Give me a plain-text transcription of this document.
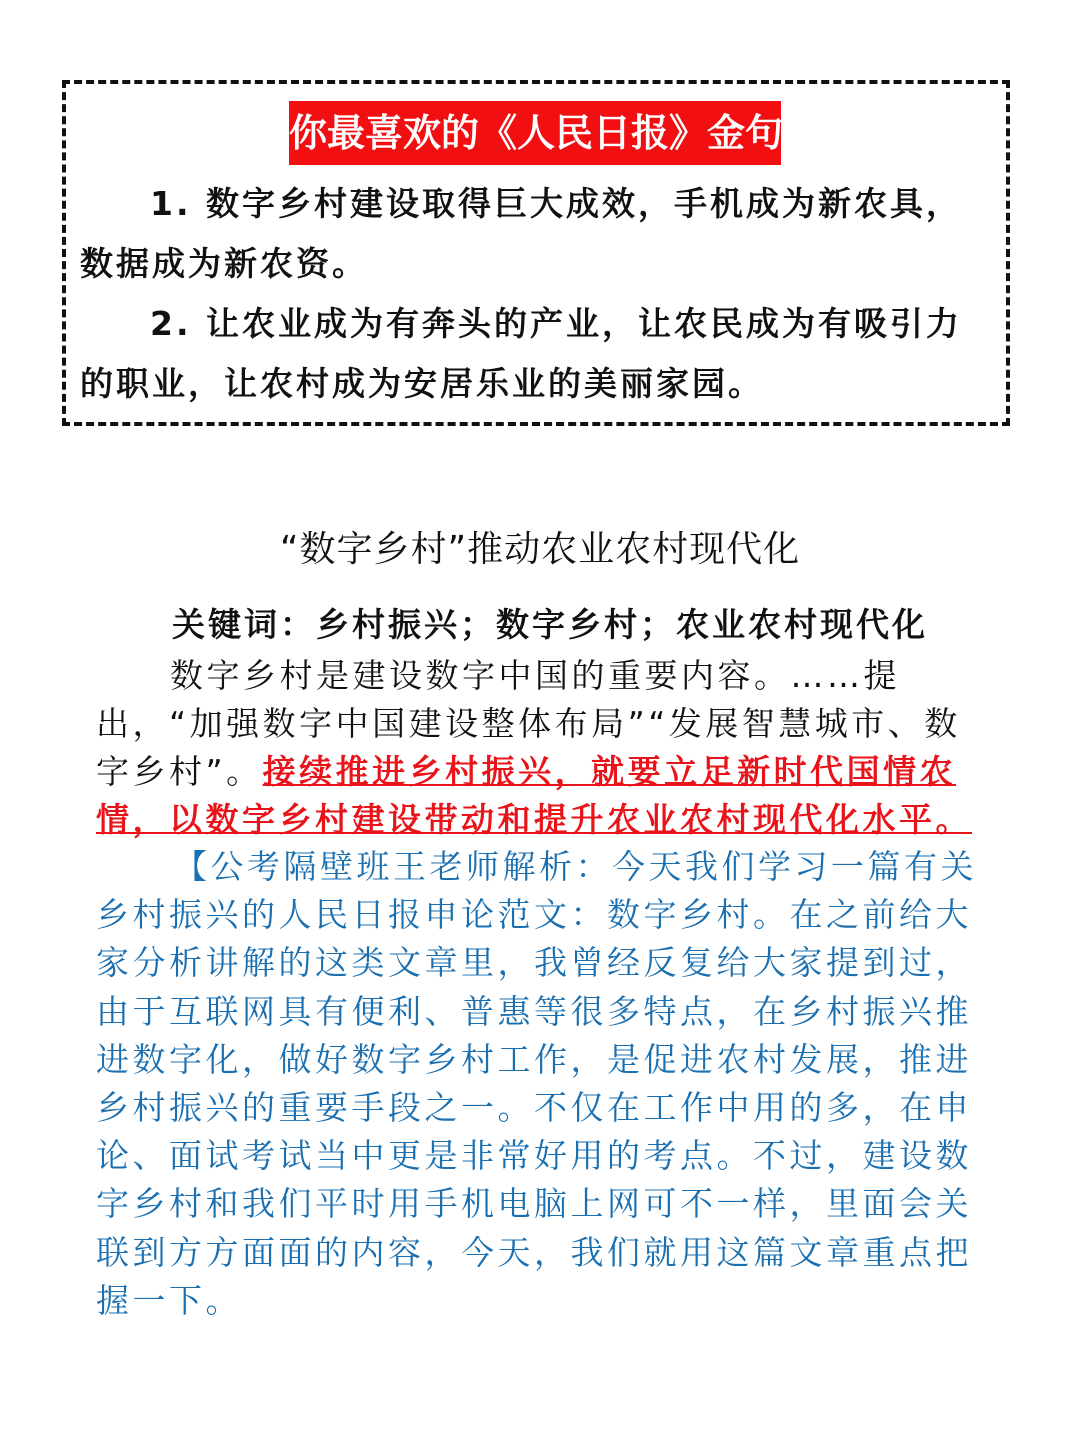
你最喜欢的《人民日报》金句
1. 数字乡村建设取得巨大成效，手机成为新农具，数据成为新农资。
2. 让农业成为有奔头的产业，让农民成为有吸引力的职业，让农村成为安居乐业的美丽家园。
“数字乡村”推动农业农村现代化
关键词：乡村振兴；数字乡村；农业农村现代化
数字乡村是建设数字中国的重要内容。……提出，“加强数字中国建设整体布局”“发展智慧城市、数字乡村”。接续推进乡村振兴，就要立足新时代国情农情，以数字乡村建设带动和提升农业农村现代化水平。
【公考隔壁班王老师解析：今天我们学习一篇有关乡村振兴的人民日报申论范文：数字乡村。在之前给大家分析讲解的这类文章里，我曾经反复给大家提到过，由于互联网具有便利、普惠等很多特点，在乡村振兴推进数字化，做好数字乡村工作，是促进农村发展，推进乡村振兴的重要手段之一。不仅在工作中用的多，在申论、面试考试当中更是非常好用的考点。不过，建设数字乡村和我们平时用手机电脑上网可不一样，里面会关联到方方面面的内容，今天，我们就用这篇文章重点把握一下。
